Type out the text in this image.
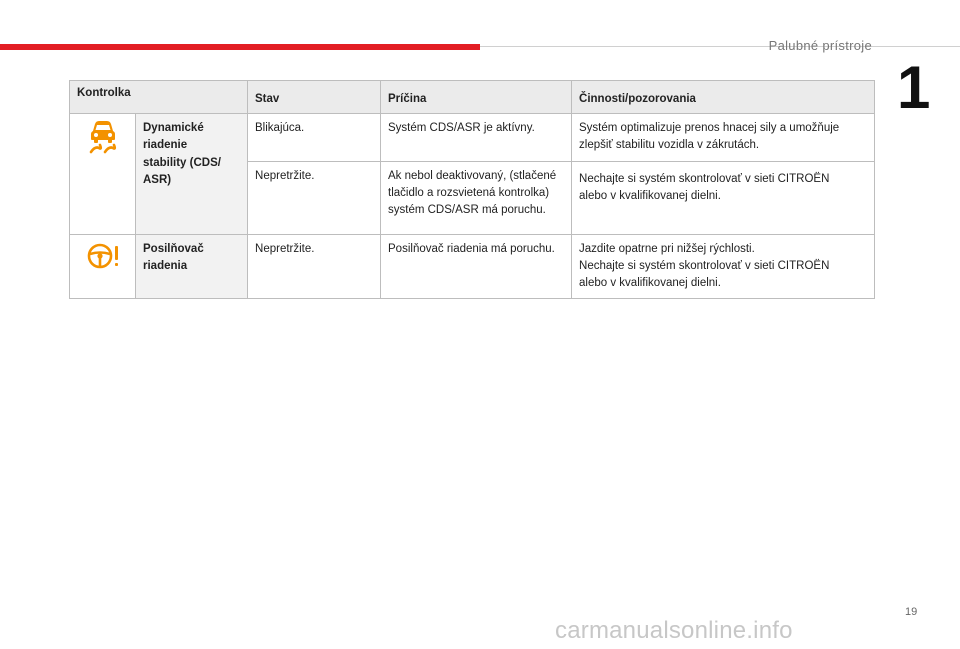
Palubné prístroje
1
Kontrolka		Stav	Príčina	Činnosti/pozorovania
	Dynamické
riadenie
stability (CDS/
ASR)	Blikajúca.	Systém CDS/ASR je aktívny.	Systém optimalizuje prenos hnacej sily a umožňuje
zlepšiť stabilitu vozidla v zákrutách.
		Nepretržite.	Ak nebol deaktivovaný, (stlačené
tlačidlo a rozsvietená kontrolka)
systém CDS/ASR má poruchu.	Nechajte si systém skontrolovať v sieti CITROËN
alebo v kvalifikovanej dielni.
	Posilňovač
riadenia	Nepretržite.	Posilňovač riadenia má poruchu.	Jazdite opatrne pri nižšej rýchlosti.
Nechajte si systém skontrolovať v sieti CITROËN
alebo v kvalifikovanej dielni.
19
carmanualsonline.info
